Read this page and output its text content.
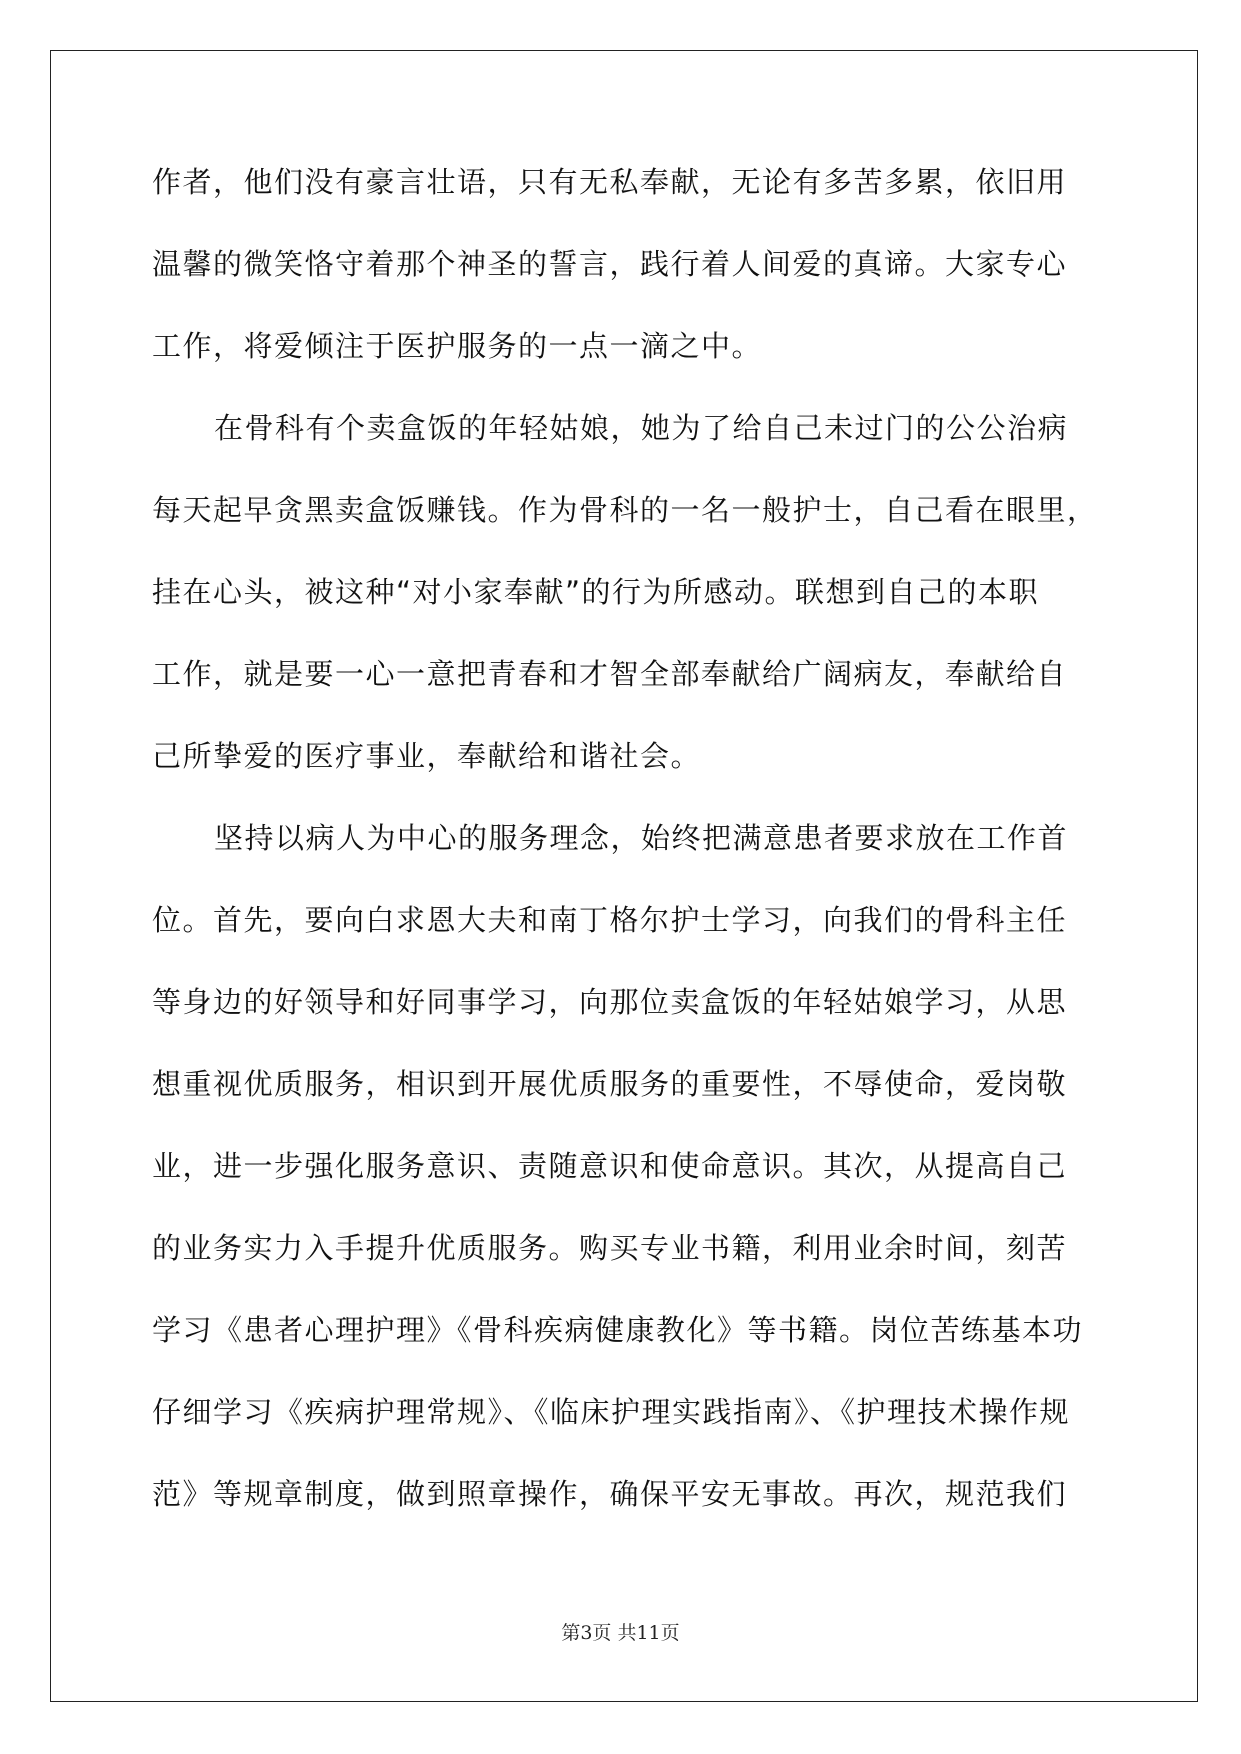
作者，他们没有豪言壮语，只有无私奉献，无论有多苦多累，依旧用
温馨的微笑恪守着那个神圣的誓言，践行着人间爱的真谛。大家专心
工作，将爱倾注于医护服务的一点一滴之中。
在骨科有个卖盒饭的年轻姑娘，她为了给自己未过门的公公治病
每天起早贪黑卖盒饭赚钱。作为骨科的一名一般护士，自己看在眼里，
挂在心头，被这种“对小家奉献”的行为所感动。联想到自己的本职
工作，就是要一心一意把青春和才智全部奉献给广阔病友，奉献给自
己所挚爱的医疗事业，奉献给和谐社会。
坚持以病人为中心的服务理念，始终把满意患者要求放在工作首
位。首先，要向白求恩大夫和南丁格尔护士学习，向我们的骨科主任
等身边的好领导和好同事学习，向那位卖盒饭的年轻姑娘学习，从思
想重视优质服务，相识到开展优质服务的重要性，不辱使命，爱岗敬
业，进一步强化服务意识、责随意识和使命意识。其次，从提高自己
的业务实力入手提升优质服务。购买专业书籍，利用业余时间，刻苦
学习《患者心理护理》《骨科疾病健康教化》等书籍。岗位苦练基本功
仔细学习《疾病护理常规》、《临床护理实践指南》、《护理技术操作规
范》等规章制度，做到照章操作，确保平安无事故。再次，规范我们
第3页 共11页
